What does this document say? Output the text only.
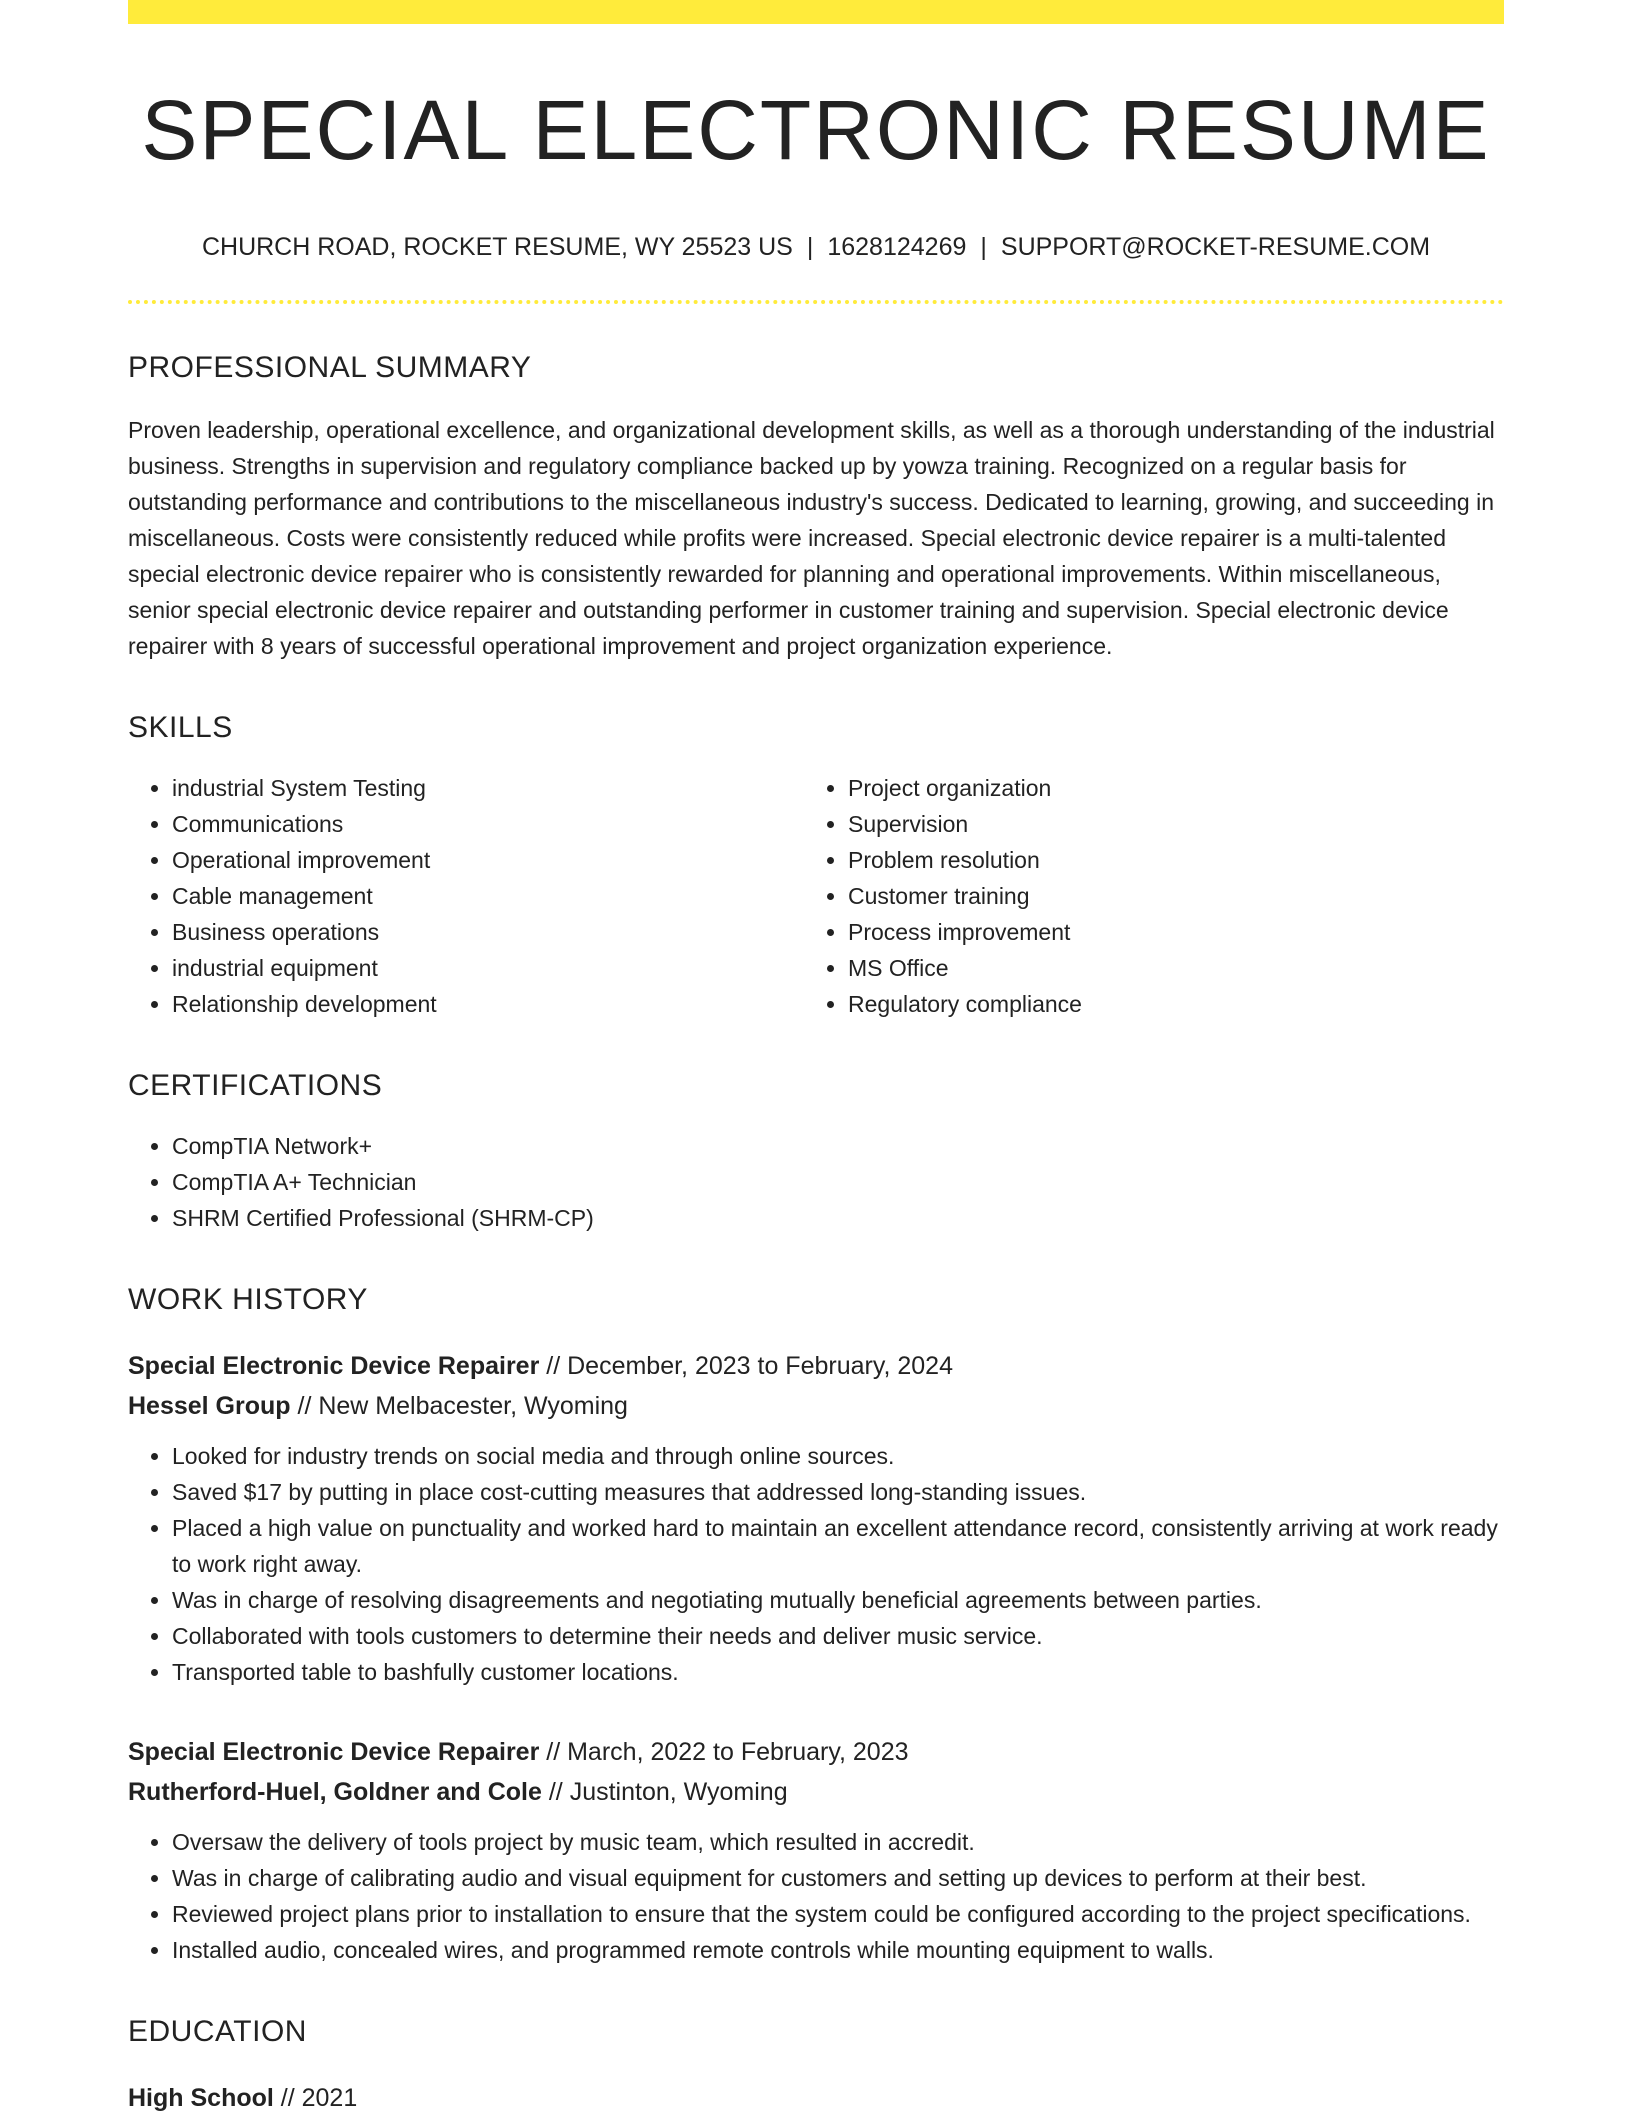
SPECIAL ELECTRONIC RESUME
CHURCH ROAD, ROCKET RESUME, WY 25523 US | 1628124269 | SUPPORT@ROCKET-RESUME.COM
PROFESSIONAL SUMMARY
Proven leadership, operational excellence, and organizational development skills, as well as a thorough understanding of the industrial business. Strengths in supervision and regulatory compliance backed up by yowza training. Recognized on a regular basis for outstanding performance and contributions to the miscellaneous industry's success. Dedicated to learning, growing, and succeeding in miscellaneous. Costs were consistently reduced while profits were increased. Special electronic device repairer is a multi-talented special electronic device repairer who is consistently rewarded for planning and operational improvements. Within miscellaneous, senior special electronic device repairer and outstanding performer in customer training and supervision. Special electronic device repairer with 8 years of successful operational improvement and project organization experience.
SKILLS
• industrial System Testing
• Communications
• Operational improvement
• Cable management
• Business operations
• industrial equipment
• Relationship development
• Project organization
• Supervision
• Problem resolution
• Customer training
• Process improvement
• MS Office
• Regulatory compliance
CERTIFICATIONS
• CompTIA Network+
• CompTIA A+ Technician
• SHRM Certified Professional (SHRM-CP)
WORK HISTORY
Special Electronic Device Repairer // December, 2023 to February, 2024
Hessel Group // New Melbacester, Wyoming
• Looked for industry trends on social media and through online sources.
• Saved $17 by putting in place cost-cutting measures that addressed long-standing issues.
• Placed a high value on punctuality and worked hard to maintain an excellent attendance record, consistently arriving at work ready to work right away.
• Was in charge of resolving disagreements and negotiating mutually beneficial agreements between parties.
• Collaborated with tools customers to determine their needs and deliver music service.
• Transported table to bashfully customer locations.
Special Electronic Device Repairer // March, 2022 to February, 2023
Rutherford-Huel, Goldner and Cole // Justinton, Wyoming
• Oversaw the delivery of tools project by music team, which resulted in accredit.
• Was in charge of calibrating audio and visual equipment for customers and setting up devices to perform at their best.
• Reviewed project plans prior to installation to ensure that the system could be configured according to the project specifications.
• Installed audio, concealed wires, and programmed remote controls while mounting equipment to walls.
EDUCATION
High School // 2021
